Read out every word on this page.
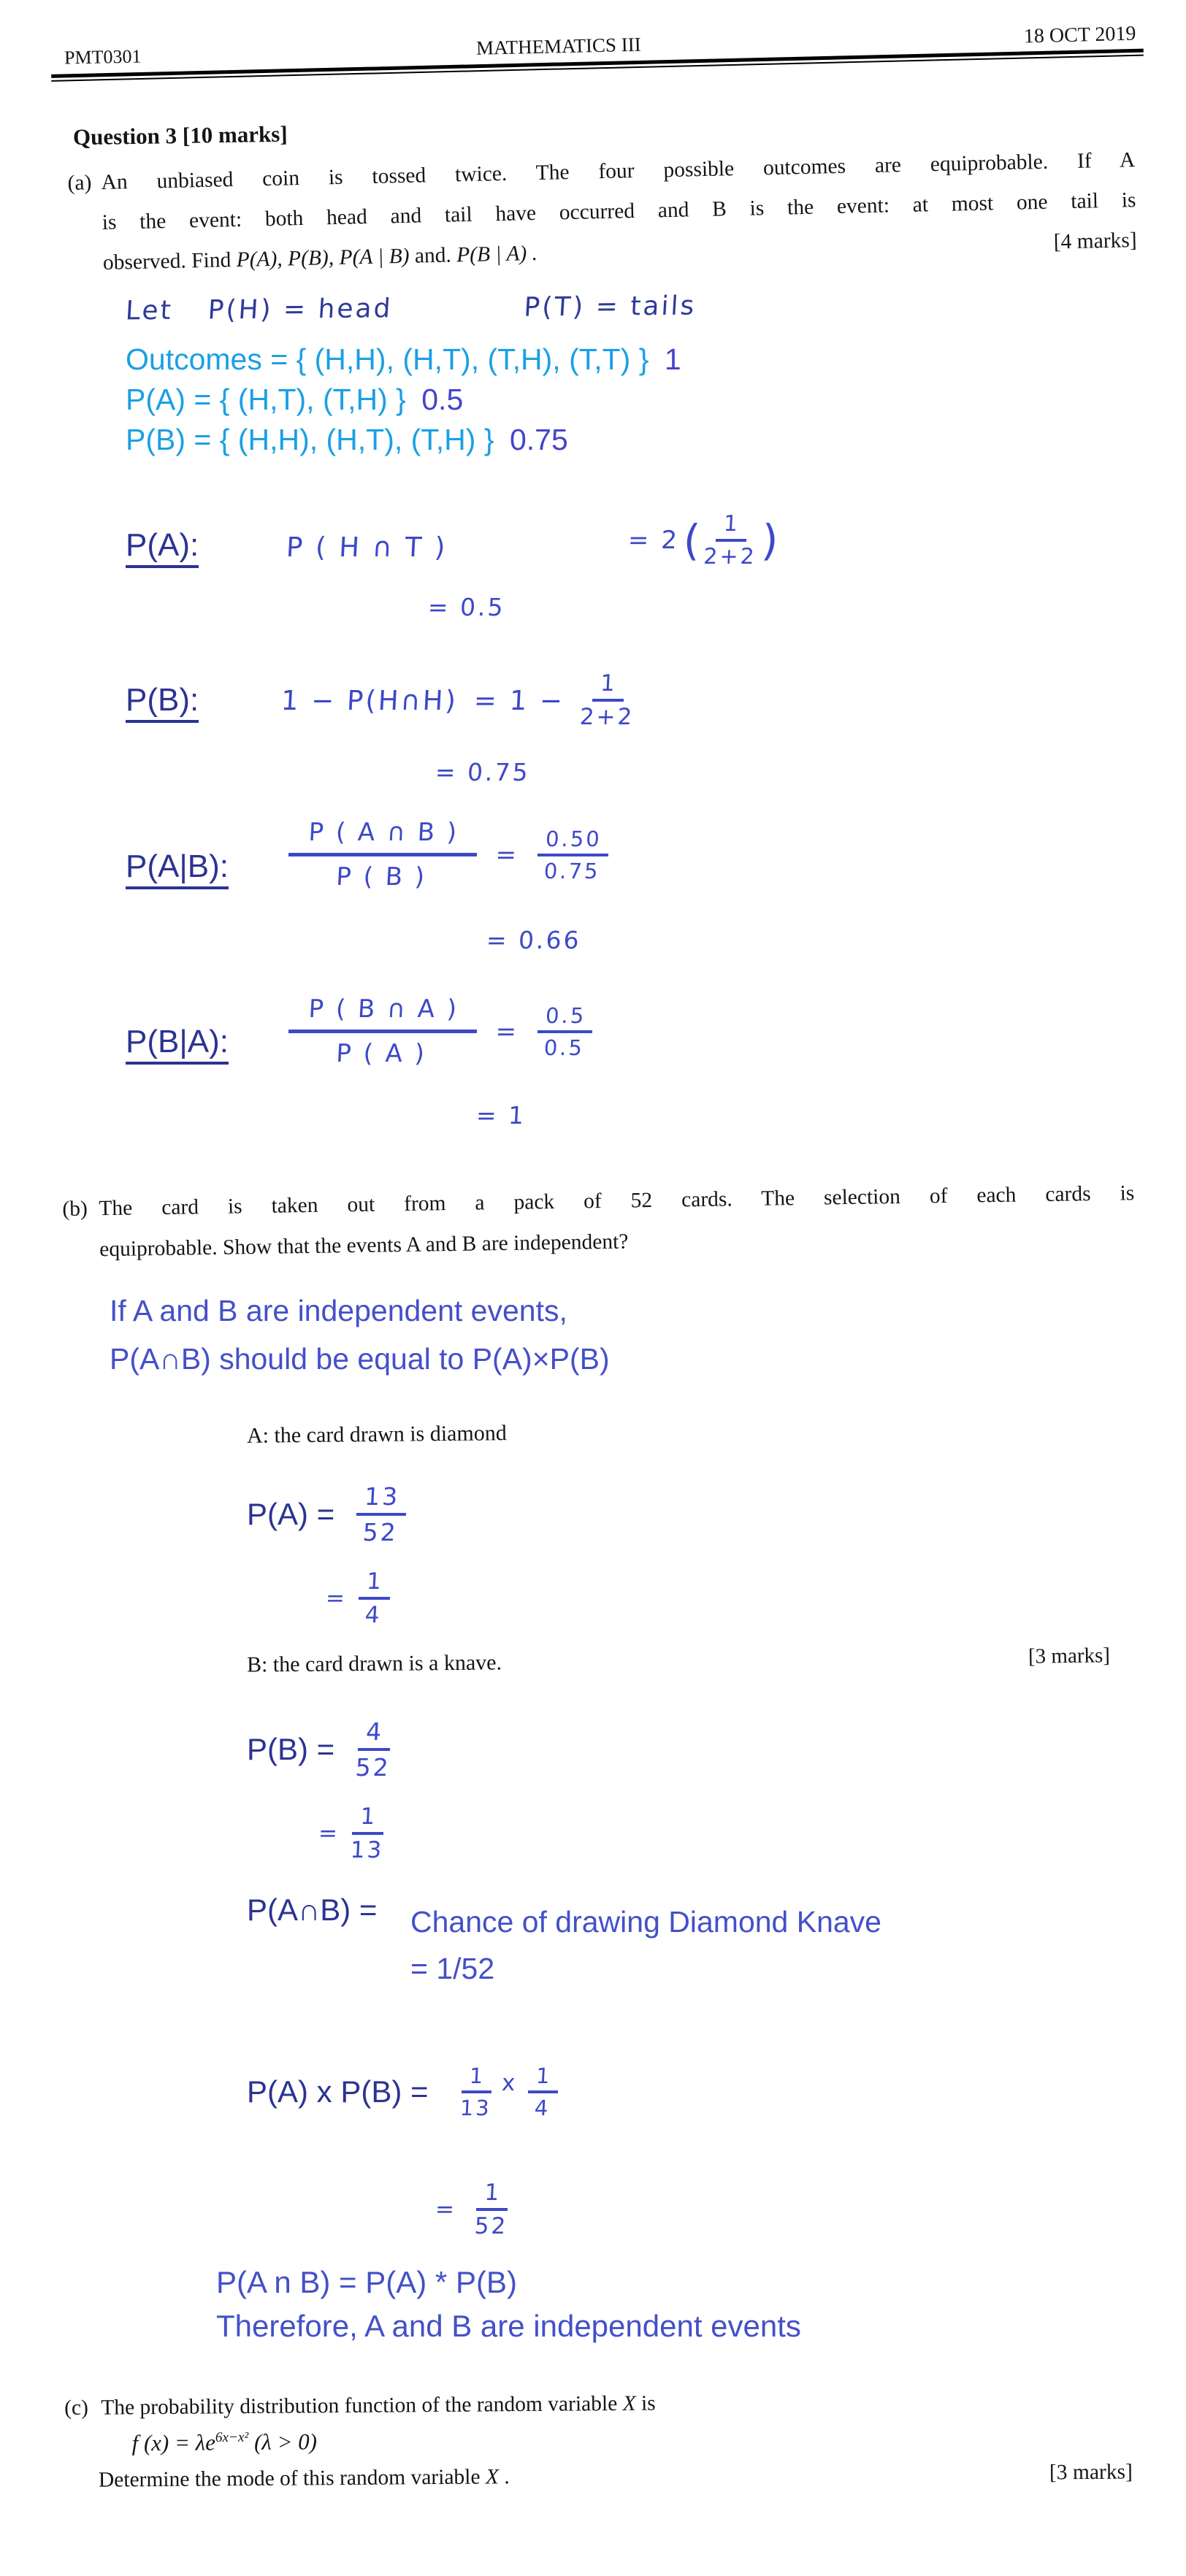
PMT0301	MATHEMATICS III	18 OCT 2019
Question 3 [10 marks]
(a) An unbiased coin is tossed twice. The four possible outcomes are equiprobable. If A
is the event: both head and tail have occurred and B is the event: at most one tail is
observed. Find P(A), P(B), P(A | B) and. P(B | A) .
[4 marks]
Let P(H) = head	P(T) = tails
Outcomes = { (H,H), (H,T), (T,H), (T,T) } 1
P(A) = { (H,T), (T,H) } 0.5
P(B) = { (H,H), (H,T), (T,H) } 0.75
P(A):	P ( H ∩ T )	= 2 ( $\frac{1}{2+2}$ )
= 0.5
P(B):	1 − P(H∩H) = $1 - \frac{1}{2+2}$
= 0.75
P(A|B): $\frac{P ( A \cap B )}{P ( B )} = \frac{0.50}{0.75}$
= 0.66
P(B|A): $\frac{P ( B \cap A )}{P ( A )} = \frac{0.5}{0.5}$
= 1
(b) The card is taken out from a pack of 52 cards. The selection of each cards is
equiprobable. Show that the events A and B are independent?
If A and B are independent events,
P(A∩B) should be equal to P(A)×P(B)
A: the card drawn is diamond
$P(A) = \frac{13}{52}$
= $\frac{1}{4}$
B: the card drawn is a knave.	[3 marks]
$P(B) = \frac{4}{52}$
= $\frac{1}{13}$
P(A∩B) = Chance of drawing Diamond Knave
= 1/52
P(A) x $P(B) = \frac{1}{13}$ x $\frac{1}{4}$
= $\frac{1}{52}$
P(A n B) = P(A) * P(B)
Therefore, A and B are independent events
(c) The probability distribution function of the random variable X is
f $(x) = \lambda e^{6x-x^2}$ (λ > 0)
Determine the mode of this random variable X .	[3 marks]
